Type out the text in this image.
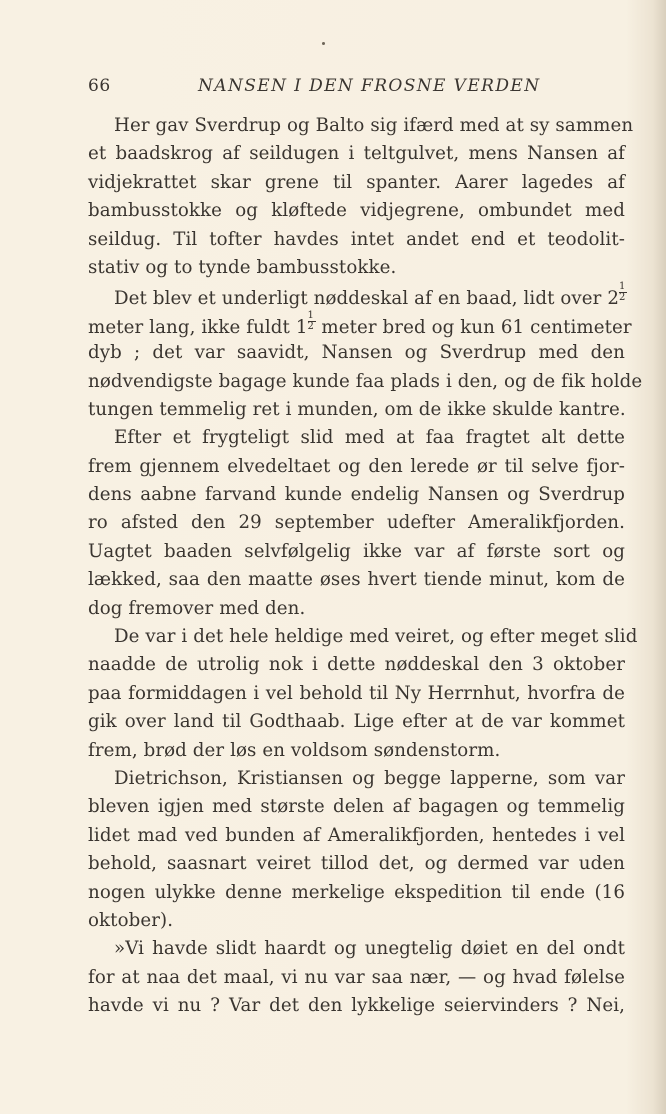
66	NANSEN I DEN FROSNE VERDEN
Her gav Sverdrup og Balto sig ifærd med at sy sammen
et baadskrog af seildugen i teltgulvet, mens Nansen af
vidjekrattet skar grene til spanter. Aarer lagedes af
bambusstokke og kløftede vidjegrene, ombundet med
seildug. Til tofter havdes intet andet end et teodolit-
stativ og to tynde bambusstokke.
Det blev et underligt nøddeskal af en baad, lidt over $2 \frac{1}{2}$
meter lang, ikke fuldt $1 \frac{1}{2}$ meter bred og kun 61 centimeter
dyb ; det var saavidt, Nansen og Sverdrup med den
nødvendigste bagage kunde faa plads i den, og de fik holde
tungen temmelig ret i munden, om de ikke skulde kantre.
Efter et frygteligt slid med at faa fragtet alt dette
frem gjennem elvedeltaet og den lerede ør til selve fjor-
dens aabne farvand kunde endelig Nansen og Sverdrup
ro afsted den 29 september udefter Ameralikfjorden.
Uagtet baaden selvfølgelig ikke var af første sort og
lækked, saa den maatte øses hvert tiende minut, kom de
dog fremover med den.
De var i det hele heldige med veiret, og efter meget slid
naadde de utrolig nok i dette nøddeskal den 3 oktober
paa formiddagen i vel behold til Ny Herrnhut, hvorfra de
gik over land til Godthaab. Lige efter at de var kommet
frem, brød der løs en voldsom søndenstorm.
Dietrichson, Kristiansen og begge lapperne, som var
bleven igjen med største delen af bagagen og temmelig
lidet mad ved bunden af Ameralikfjorden, hentedes i vel
behold, saasnart veiret tillod det, og dermed var uden
nogen ulykke denne merkelige ekspedition til ende (16
oktober).
»Vi havde slidt haardt og unegtelig døiet en del ondt
for at naa det maal, vi nu var saa nær, — og hvad følelse
havde vi nu ? Var det den lykkelige seiervinders ? Nei,
